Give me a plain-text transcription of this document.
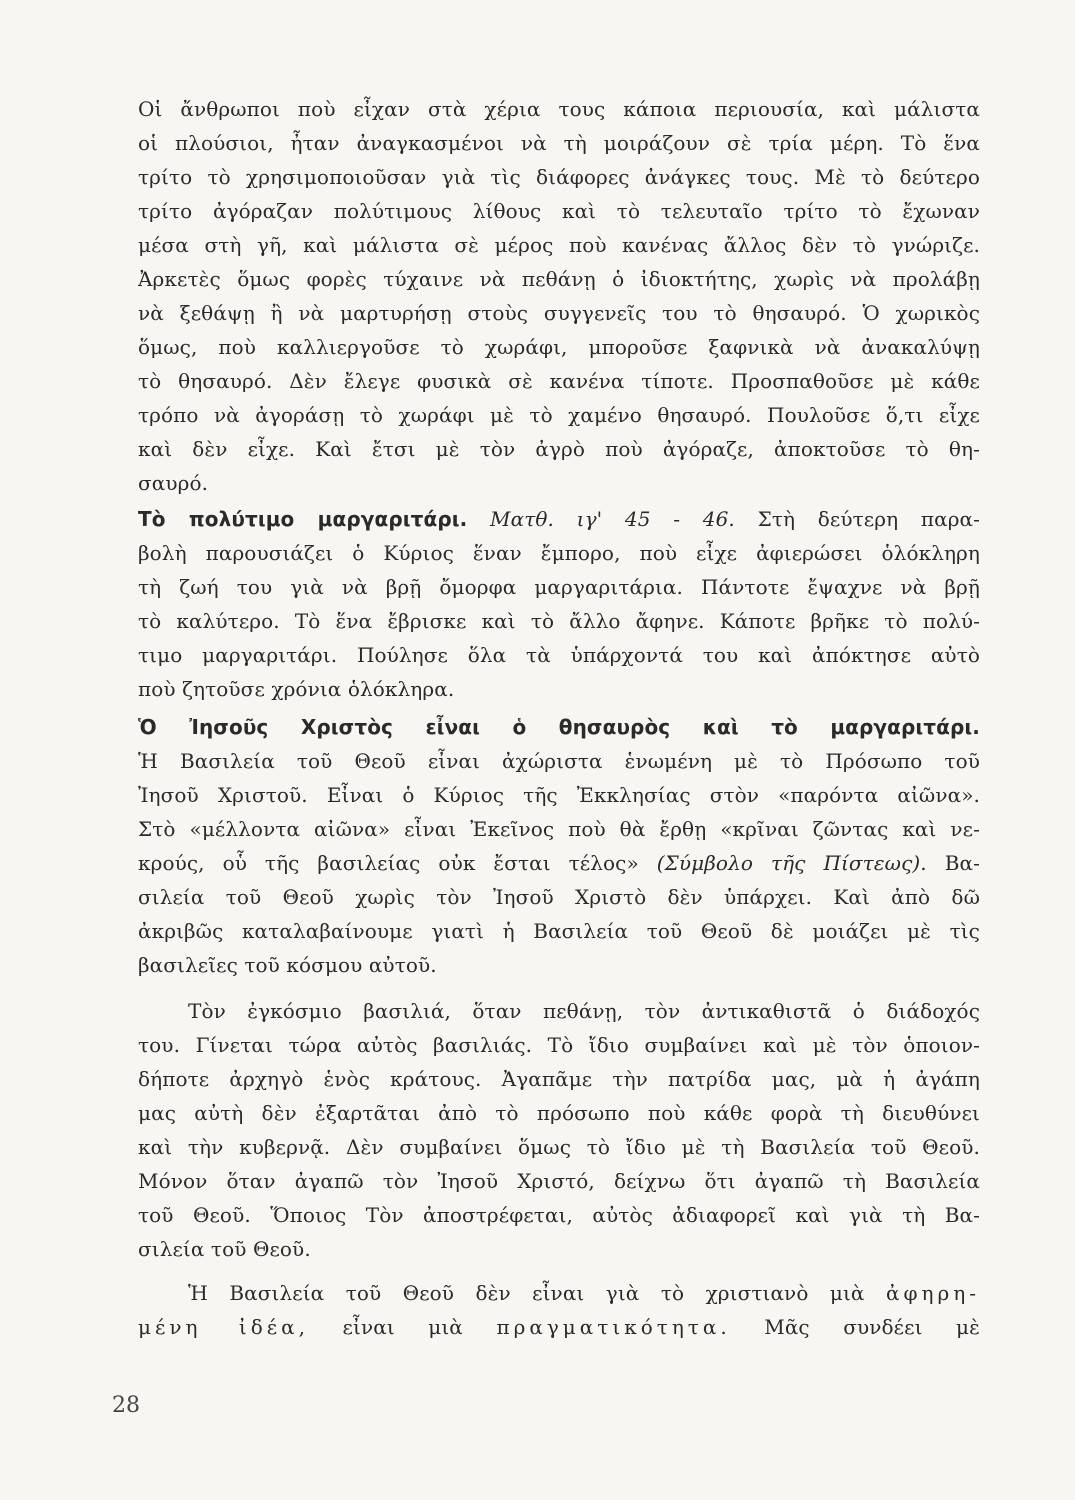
Οἱ ἄνθρωποι ποὺ εἶχαν στὰ χέρια τους κάποια περιουσία, καὶ μάλιστα
οἱ πλούσιοι, ἦταν ἀναγκασμένοι νὰ τὴ μοιράζουν σὲ τρία μέρη. Τὸ ἕνα
τρίτο τὸ χρησιμοποιοῦσαν γιὰ τὶς διάφορες ἀνάγκες τους. Μὲ τὸ δεύτερο
τρίτο ἀγόραζαν πολύτιμους λίθους καὶ τὸ τελευταῖο τρίτο τὸ ἔχωναν
μέσα στὴ γῆ, καὶ μάλιστα σὲ μέρος ποὺ κανένας ἄλλος δὲν τὸ γνώριζε.
Ἀρκετὲς ὅμως φορὲς τύχαινε νὰ πεθάνῃ ὁ ἰδιοκτήτης, χωρὶς νὰ προλάβῃ
νὰ ξεθάψῃ ἢ νὰ μαρτυρήσῃ στοὺς συγγενεῖς του τὸ θησαυρό. Ὁ χωρικὸς
ὅμως, ποὺ καλλιεργοῦσε τὸ χωράφι, μποροῦσε ξαφνικὰ νὰ ἀνακαλύψῃ
τὸ θησαυρό. Δὲν ἔλεγε φυσικὰ σὲ κανένα τίποτε. Προσπαθοῦσε μὲ κάθε
τρόπο νὰ ἀγοράσῃ τὸ χωράφι μὲ τὸ χαμένο θησαυρό. Πουλοῦσε ὅ,τι εἶχε
καὶ δὲν εἶχε. Καὶ ἔτσι μὲ τὸν ἀγρὸ ποὺ ἀγόραζε, ἀποκτοῦσε τὸ θη-
σαυρό.
Τὸ πολύτιμο μαργαριτάρι. Ματθ. ιγ' 45 - 46. Στὴ δεύτερη παρα-
βολὴ παρουσιάζει ὁ Κύριος ἕναν ἔμπορο, ποὺ εἶχε ἀφιερώσει ὁλόκληρη
τὴ ζωή του γιὰ νὰ βρῇ ὄμορφα μαργαριτάρια. Πάντοτε ἔψαχνε νὰ βρῇ
τὸ καλύτερο. Τὸ ἕνα ἔβρισκε καὶ τὸ ἄλλο ἄφηνε. Κάποτε βρῆκε τὸ πολύ-
τιμο μαργαριτάρι. Πούλησε ὅλα τὰ ὑπάρχοντά του καὶ ἀπόκτησε αὐτὸ
ποὺ ζητοῦσε χρόνια ὁλόκληρα.
Ὁ Ἰησοῦς Χριστὸς εἶναι ὁ θησαυρὸς καὶ τὸ μαργαριτάρι.
Ἡ Βασιλεία τοῦ Θεοῦ εἶναι ἀχώριστα ἑνωμένη μὲ τὸ Πρόσωπο τοῦ
Ἰησοῦ Χριστοῦ. Εἶναι ὁ Κύριος τῆς Ἐκκλησίας στὸν «παρόντα αἰῶνα».
Στὸ «μέλλοντα αἰῶνα» εἶναι Ἐκεῖνος ποὺ θὰ ἔρθῃ «κρῖναι ζῶντας καὶ νε-
κρούς, οὗ τῆς βασιλείας οὐκ ἔσται τέλος» (Σύμβολο τῆς Πίστεως). Βα-
σιλεία τοῦ Θεοῦ χωρὶς τὸν Ἰησοῦ Χριστὸ δὲν ὑπάρχει. Καὶ ἀπὸ δῶ
ἀκριβῶς καταλαβαίνουμε γιατὶ ἡ Βασιλεία τοῦ Θεοῦ δὲ μοιάζει μὲ τὶς
βασιλεῖες τοῦ κόσμου αὐτοῦ.
Τὸν ἐγκόσμιο βασιλιά, ὅταν πεθάνῃ, τὸν ἀντικαθιστᾶ ὁ διάδοχός
του. Γίνεται τώρα αὐτὸς βασιλιάς. Τὸ ἴδιο συμβαίνει καὶ μὲ τὸν ὁποιον-
δήποτε ἀρχηγὸ ἑνὸς κράτους. Ἀγαπᾶμε τὴν πατρίδα μας, μὰ ἡ ἀγάπη
μας αὐτὴ δὲν ἐξαρτᾶται ἀπὸ τὸ πρόσωπο ποὺ κάθε φορὰ τὴ διευθύνει
καὶ τὴν κυβερνᾷ. Δὲν συμβαίνει ὅμως τὸ ἴδιο μὲ τὴ Βασιλεία τοῦ Θεοῦ.
Μόνον ὅταν ἀγαπῶ τὸν Ἰησοῦ Χριστό, δείχνω ὅτι ἀγαπῶ τὴ Βασιλεία
τοῦ Θεοῦ. Ὅποιος Τὸν ἀποστρέφεται, αὐτὸς ἀδιαφορεῖ καὶ γιὰ τὴ Βα-
σιλεία τοῦ Θεοῦ.
Ἡ Βασιλεία τοῦ Θεοῦ δὲν εἶναι γιὰ τὸ χριστιανὸ μιὰ ἀφηρη-
μένη ἰδέα, εἶναι μιὰ πραγματικότητα. Μᾶς συνδέει μὲ
28
